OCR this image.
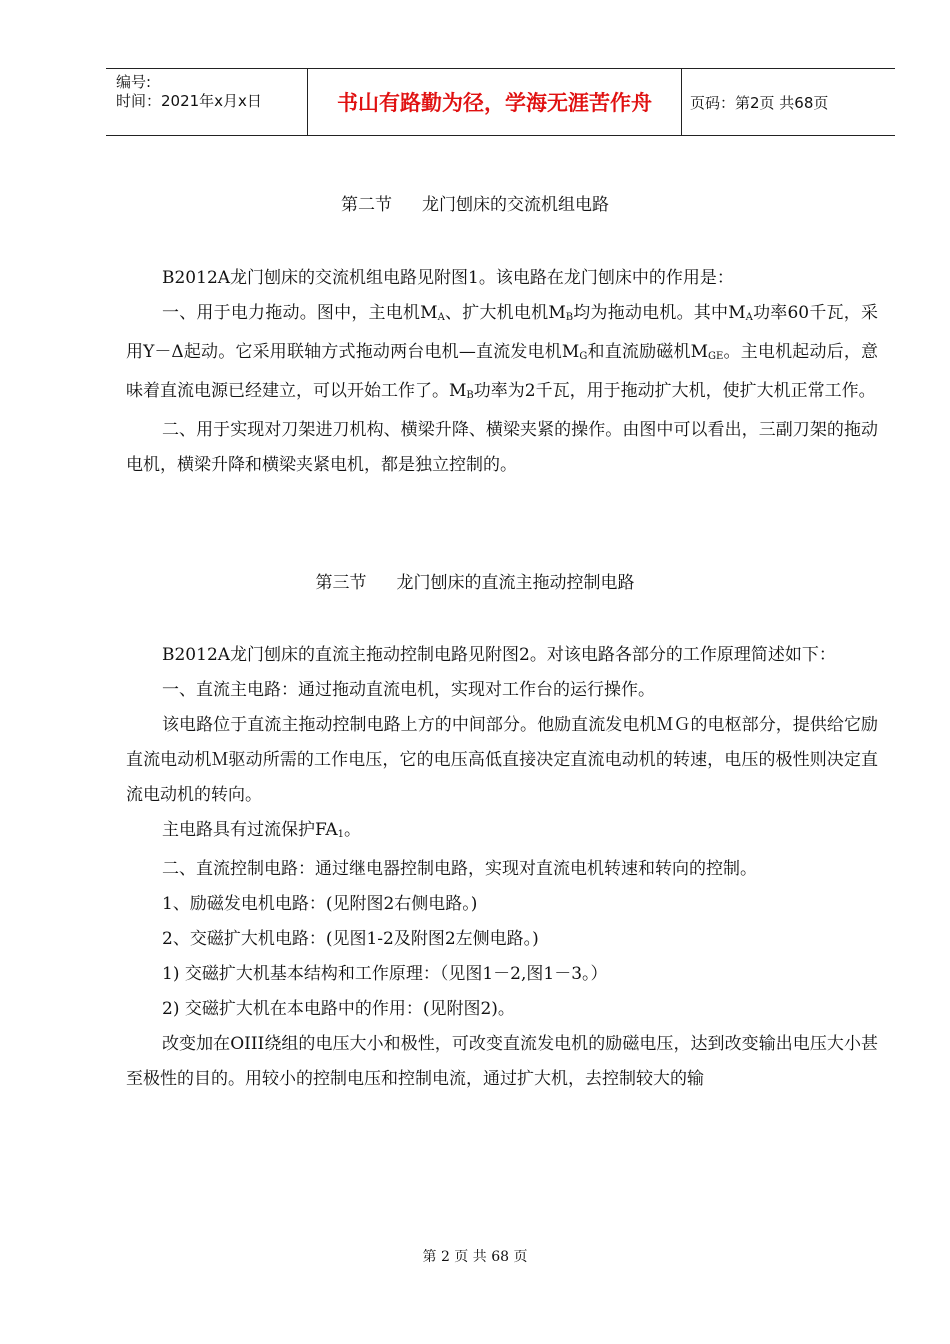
编号:
时间：2021年x月x日	书山有路勤为径，学海无涯苦作舟	页码：第2页 共68页
第二节 龙门刨床的交流机组电路

B2012A龙门刨床的交流机组电路见附图1。该电路在龙门刨床中的作用是：

一、用于电力拖动。图中，主电机$M_A$、扩大机电机$M_B$均为拖动电机。其中$M_A$功率60千瓦，采用Y－Δ起动。它采用联轴方式拖动两台电机—直流发电机$M_G$和直流励磁机$M_{GE}$。主电机起动后，意味着直流电源已经建立，可以开始工作了。$M_B$功率为2千瓦，用于拖动扩大机，使扩大机正常工作。

二、用于实现对刀架进刀机构、横梁升降、横梁夹紧的操作。由图中可以看出，三副刀架的拖动电机，横梁升降和横梁夹紧电机，都是独立控制的。

第三节 龙门刨床的直流主拖动控制电路

B2012A龙门刨床的直流主拖动控制电路见附图2。对该电路各部分的工作原理简述如下：

一、直流主电路：通过拖动直流电机，实现对工作台的运行操作。

该电路位于直流主拖动控制电路上方的中间部分。他励直流发电机ＭＧ的电枢部分，提供给它励直流电动机Ｍ驱动所需的工作电压，它的电压高低直接决定直流电动机的转速，电压的极性则决定直流电动机的转向。

主电路具有过流保护$FA_1$。

二、直流控制电路：通过继电器控制电路，实现对直流电机转速和转向的控制。

1、励磁发电机电路：(见附图2右侧电路。)

2、交磁扩大机电路：(见图1-2及附图2左侧电路。)

1) 交磁扩大机基本结构和工作原理：（见图1－2,图1－3。）

2) 交磁扩大机在本电路中的作用：(见附图2)。

改变加在OIII绕组的电压大小和极性，可改变直流发电机的励磁电压，达到改变输出电压大小甚至极性的目的。用较小的控制电压和控制电流，通过扩大机，去控制较大的输

第 2 页 共 68 页
